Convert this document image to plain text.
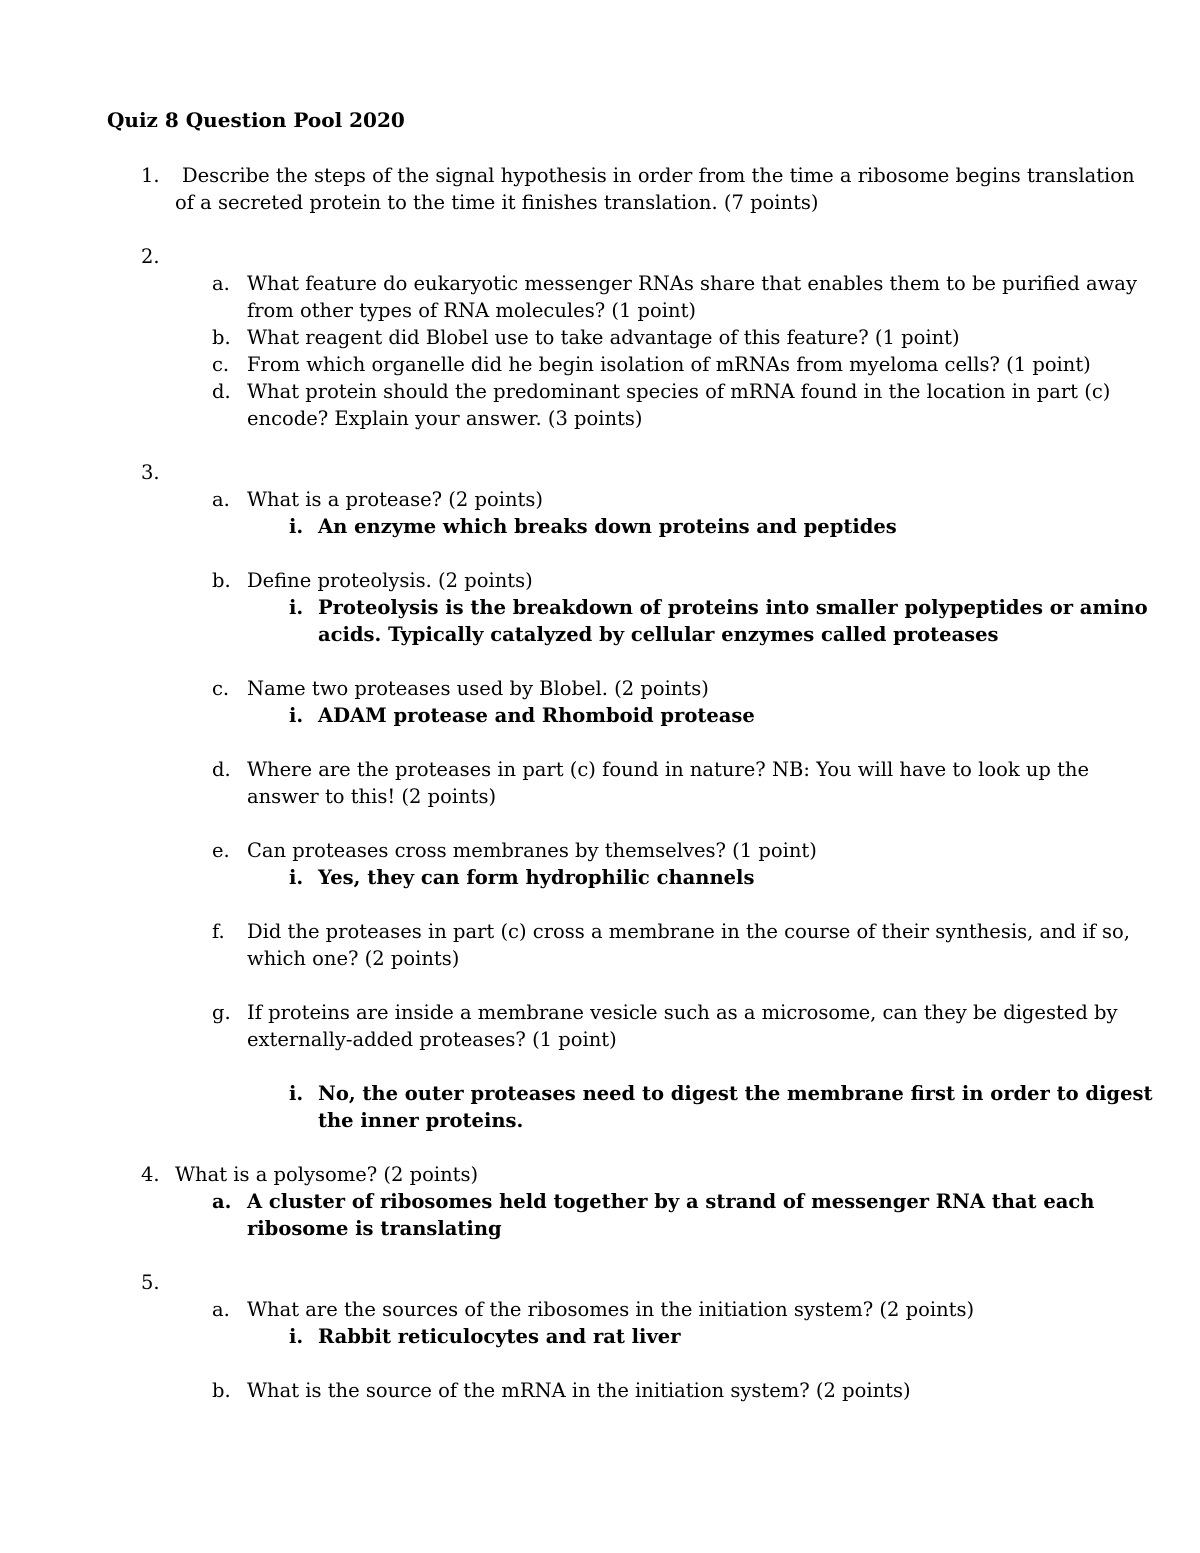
Quiz 8 Question Pool 2020
1. Describe the steps of the signal hypothesis in order from the time a ribosome begins translation
of a secreted protein to the time it finishes translation. (7 points)
2.
a. What feature do eukaryotic messenger RNAs share that enables them to be purified away
from other types of RNA molecules? (1 point)
b. What reagent did Blobel use to take advantage of this feature? (1 point)
c. From which organelle did he begin isolation of mRNAs from myeloma cells? (1 point)
d. What protein should the predominant species of mRNA found in the location in part (c)
encode? Explain your answer. (3 points)
3.
a. What is a protease? (2 points)
i. An enzyme which breaks down proteins and peptides
b. Define proteolysis. (2 points)
i. Proteolysis is the breakdown of proteins into smaller polypeptides or amino
acids. Typically catalyzed by cellular enzymes called proteases
c. Name two proteases used by Blobel. (2 points)
i. ADAM protease and Rhomboid protease
d. Where are the proteases in part (c) found in nature? NB: You will have to look up the
answer to this! (2 points)
e. Can proteases cross membranes by themselves? (1 point)
i. Yes, they can form hydrophilic channels
f. Did the proteases in part (c) cross a membrane in the course of their synthesis, and if so,
which one? (2 points)
g. If proteins are inside a membrane vesicle such as a microsome, can they be digested by
externally-added proteases? (1 point)
i. No, the outer proteases need to digest the membrane first in order to digest
the inner proteins.
4. What is a polysome? (2 points)
a. A cluster of ribosomes held together by a strand of messenger RNA that each
ribosome is translating
5.
a. What are the sources of the ribosomes in the initiation system? (2 points)
i. Rabbit reticulocytes and rat liver
b. What is the source of the mRNA in the initiation system? (2 points)
